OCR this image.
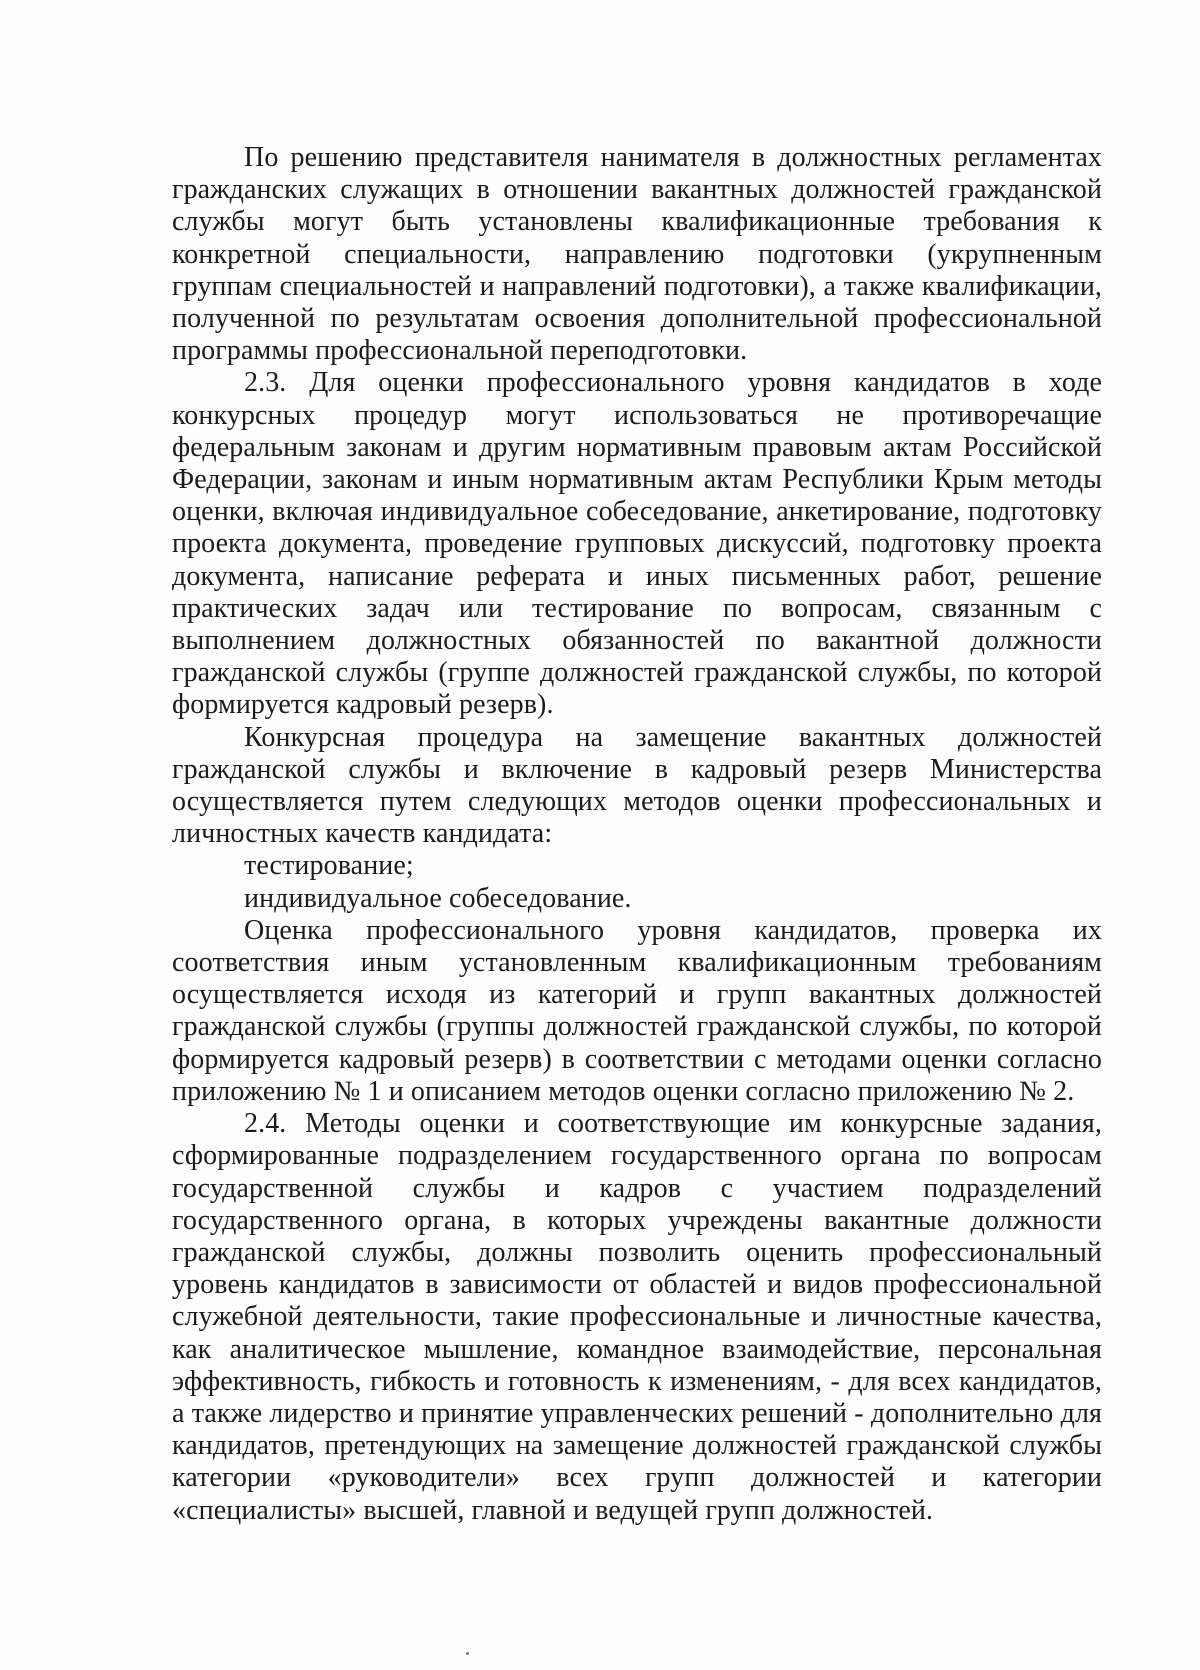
По решению представителя нанимателя в должностных регламентах гражданских служащих в отношении вакантных должностей гражданской службы могут быть установлены квалификационные требования к конкретной специальности, направлению подготовки (укрупненным группам специальностей и направлений подготовки), а также квалификации, полученной по результатам освоения дополнительной профессиональной программы профессиональной переподготовки.

2.3. Для оценки профессионального уровня кандидатов в ходе конкурсных процедур могут использоваться не противоречащие федеральным законам и другим нормативным правовым актам Российской Федерации, законам и иным нормативным актам Республики Крым методы оценки, включая индивидуальное собеседование, анкетирование, подготовку проекта документа, проведение групповых дискуссий, подготовку проекта документа, написание реферата и иных письменных работ, решение практических задач или тестирование по вопросам, связанным с выполнением должностных обязанностей по вакантной должности гражданской службы (группе должностей гражданской службы, по которой формируется кадровый резерв).

Конкурсная процедура на замещение вакантных должностей гражданской службы и включение в кадровый резерв Министерства осуществляется путем следующих методов оценки профессиональных и личностных качеств кандидата:

тестирование;

индивидуальное собеседование.

Оценка профессионального уровня кандидатов, проверка их соответствия иным установленным квалификационным требованиям осуществляется исходя из категорий и групп вакантных должностей гражданской службы (группы должностей гражданской службы, по которой формируется кадровый резерв) в соответствии с методами оценки согласно приложению № 1 и описанием методов оценки согласно приложению № 2.

2.4. Методы оценки и соответствующие им конкурсные задания, сформированные подразделением государственного органа по вопросам государственной службы и кадров с участием подразделений государственного органа, в которых учреждены вакантные должности гражданской службы, должны позволить оценить профессиональный уровень кандидатов в зависимости от областей и видов профессиональной служебной деятельности, такие профессиональные и личностные качества, как аналитическое мышление, командное взаимодействие, персональная эффективность, гибкость и готовность к изменениям, - для всех кандидатов, а также лидерство и принятие управленческих решений - дополнительно для кандидатов, претендующих на замещение должностей гражданской службы категории «руководители» всех групп должностей и категории «специалисты» высшей, главной и ведущей групп должностей.
